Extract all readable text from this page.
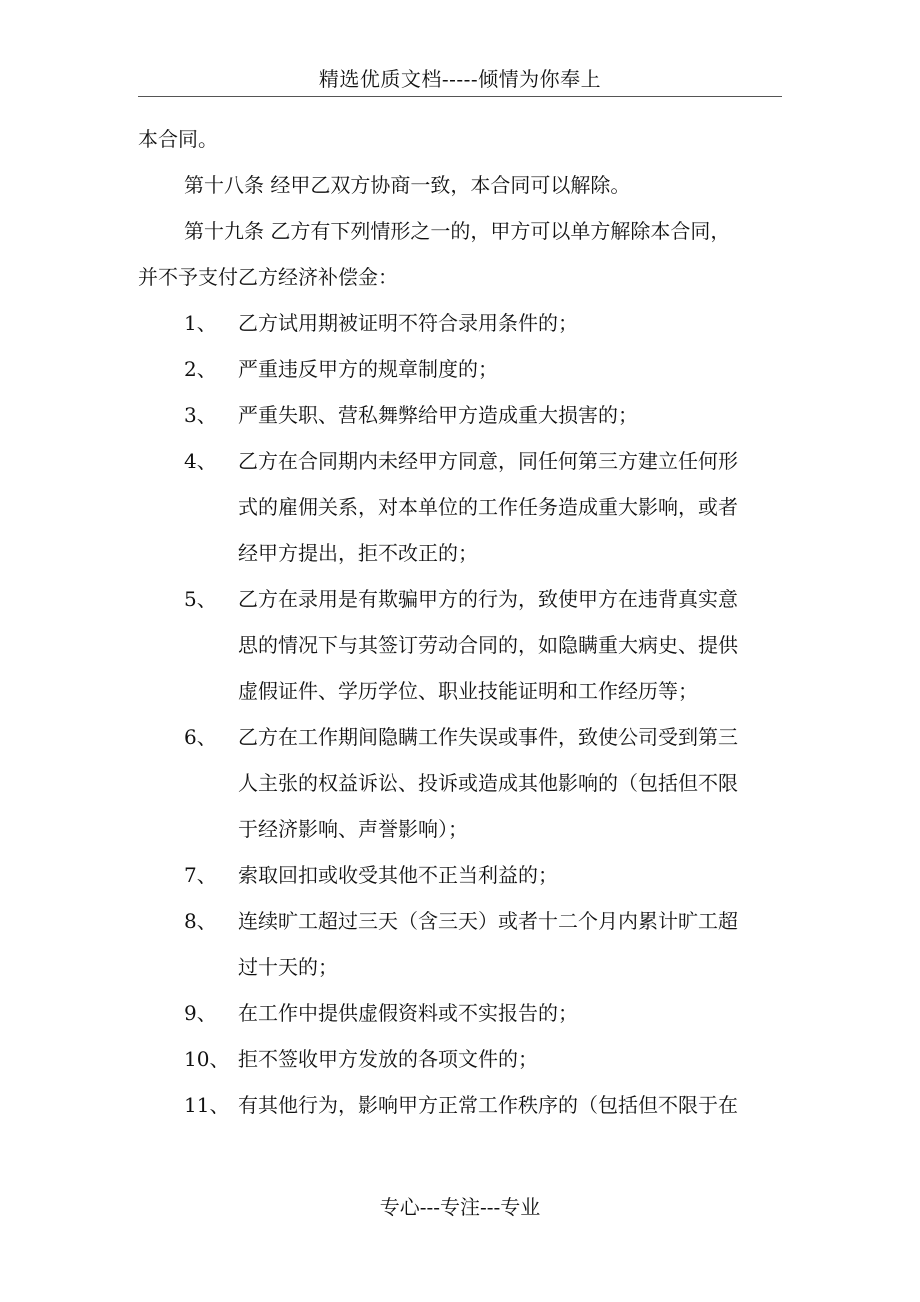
精选优质文档-----倾情为你奉上

本合同。

第十八条 经甲乙双方协商一致，本合同可以解除。

第十九条 乙方有下列情形之一的，甲方可以单方解除本合同，

并不予支付乙方经济补偿金：

1、	乙方试用期被证明不符合录用条件的；
2、	严重违反甲方的规章制度的；
3、	严重失职、营私舞弊给甲方造成重大损害的；
4、	乙方在合同期内未经甲方同意，同任何第三方建立任何形
式的雇佣关系，对本单位的工作任务造成重大影响，或者
经甲方提出，拒不改正的；
5、	乙方在录用是有欺骗甲方的行为，致使甲方在违背真实意
思的情况下与其签订劳动合同的，如隐瞒重大病史、提供
虚假证件、学历学位、职业技能证明和工作经历等；
6、	乙方在工作期间隐瞒工作失误或事件，致使公司受到第三
人主张的权益诉讼、投诉或造成其他影响的（包括但不限
于经济影响、声誉影响）；
7、	索取回扣或收受其他不正当利益的；
8、	连续旷工超过三天（含三天）或者十二个月内累计旷工超
过十天的；
9、	在工作中提供虚假资料或不实报告的；
10、 拒不签收甲方发放的各项文件的；
11、 有其他行为，影响甲方正常工作秩序的（包括但不限于在
专心---专注---专业
